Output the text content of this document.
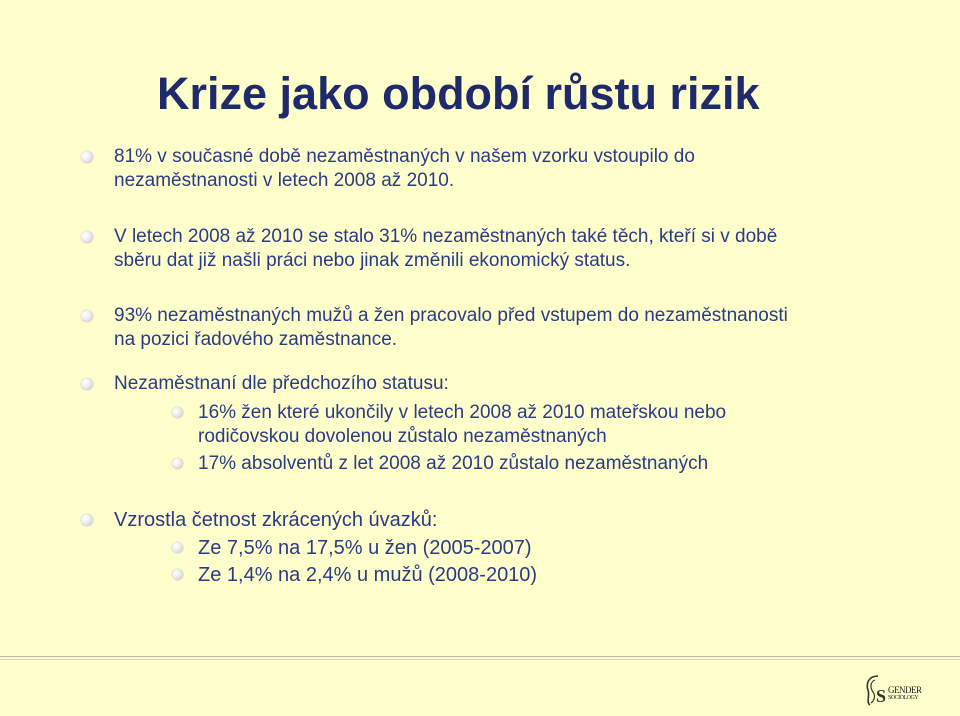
Krize jako období růstu rizik
81% v současné době nezaměstnaných v našem vzorku vstoupilo do
nezaměstnanosti v letech 2008 až 2010.
V letech 2008 až 2010 se stalo 31% nezaměstnaných také těch, kteří si v době
sběru dat již našli práci nebo jinak změnili ekonomický status.
93% nezaměstnaných mužů a žen pracovalo před vstupem do nezaměstnanosti
na pozici řadového zaměstnance.
Nezaměstnaní dle předchozího statusu:
16% žen které ukončily v letech 2008 až 2010 mateřskou nebo
rodičovskou dovolenou zůstalo nezaměstnaných
17% absolventů z let 2008 až 2010 zůstalo nezaměstnaných
Vzrostla četnost zkrácených úvazků:
Ze 7,5% na 17,5% u žen (2005-2007)
Ze 1,4% na 2,4% u mužů (2008-2010)
S GENDER
SOCIOLOGY
